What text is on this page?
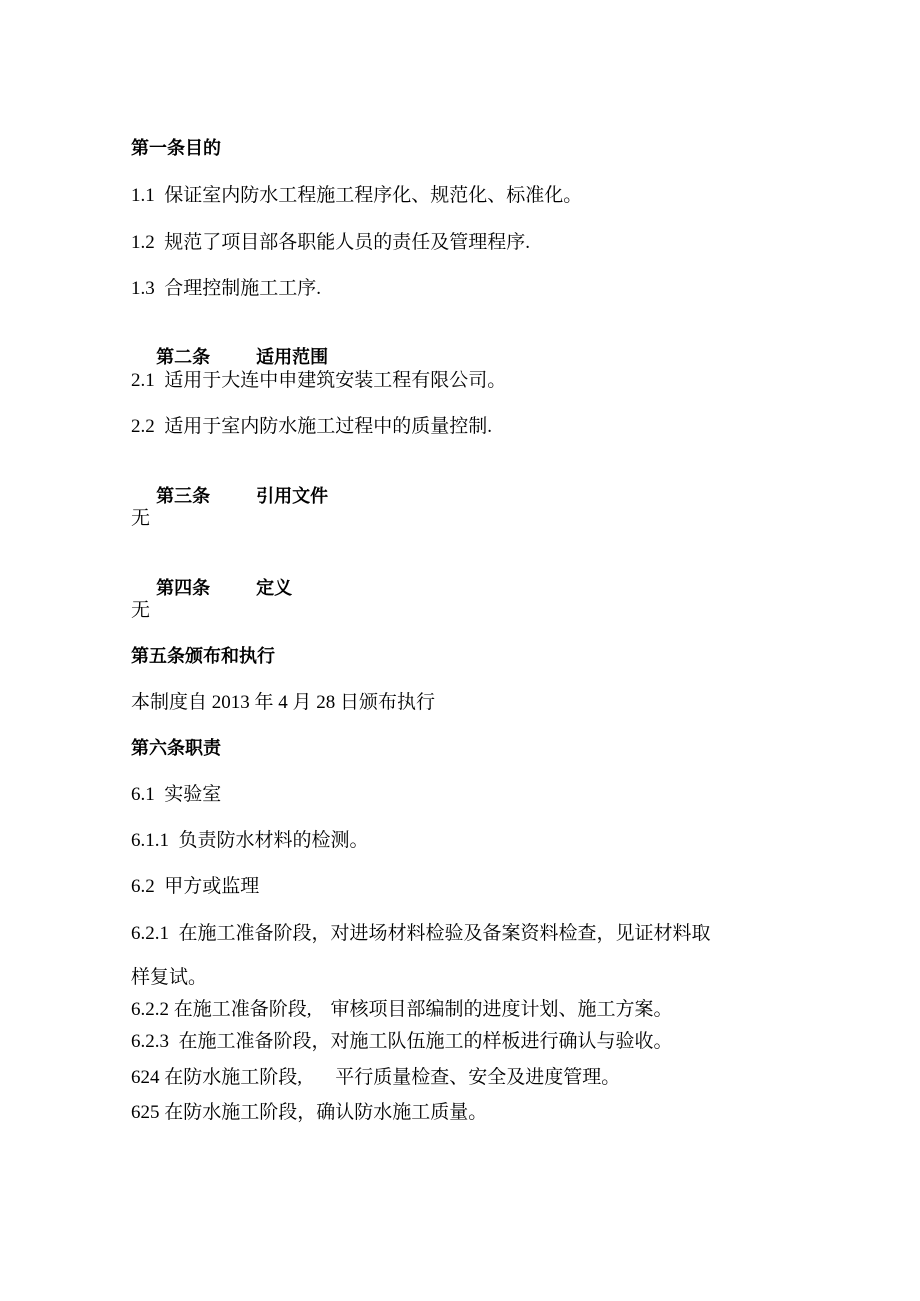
第一条目的
1.1  保证室内防水工程施工程序化、规范化、标准化。
1.2  规范了项目部各职能人员的责任及管理程序.
1.3  合理控制施工工序.

第二条	适用范围

2.1  适用于大连中申建筑安装工程有限公司。
2.2  适用于室内防水施工过程中的质量控制.

第三条	引用文件

无

第四条	定义

无
第五条颁布和执行
本制度自 2013 年 4 月 28 日颁布执行
第六条职责
6.1  实验室
6.1.1  负责防水材料的检测。
6.2  甲方或监理
6.2.1  在施工准备阶段，对进场材料检验及备案资料检查，见证材料取
样复试。
6.2.2 在施工准备阶段,    审核项目部编制的进度计划、施工方案。
6.2.3  在施工准备阶段，对施工队伍施工的样板进行确认与验收。
624 在防水施工阶段,       平行质量检查、安全及进度管理。
625 在防水施工阶段，确认防水施工质量。
